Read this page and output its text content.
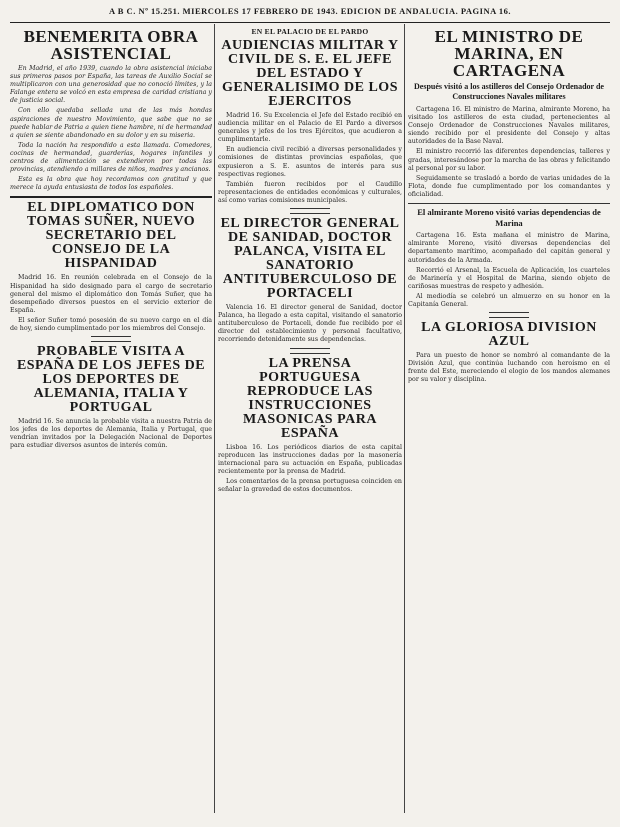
A B C. Nº 15.251. MIERCOLES 17 FEBRERO DE 1943. EDICION DE ANDALUCIA. PAGINA 16.
BENEMERITA OBRA ASISTENCIAL

En Madrid, el año 1939, cuando la obra asistencial iniciaba sus primeros pasos por España, las tareas de Auxilio Social se multiplicaron con una generosidad que no conoció límites, y la Falange entera se volcó en esta empresa de caridad cristiana y de justicia social.

Con ello quedaba sellada una de las más hondas aspiraciones de nuestro Movimiento, que sabe que no se puede hablar de Patria a quien tiene hambre, ni de hermandad a quien se siente abandonado en su dolor y en su miseria.

Toda la nación ha respondido a esta llamada. Comedores, cocinas de hermandad, guarderías, hogares infantiles y centros de alimentación se extendieron por todas las provincias, atendiendo a millares de niños, madres y ancianos.

Esta es la obra que hoy recordamos con gratitud y que merece la ayuda entusiasta de todos los españoles.

EL DIPLOMATICO DON TOMAS SUÑER, NUEVO SECRETARIO DEL CONSEJO DE LA HISPANIDAD

Madrid 16. En reunión celebrada en el Consejo de la Hispanidad ha sido designado para el cargo de secretario general del mismo el diplomático don Tomás Suñer, que ha desempeñado diversos puestos en el servicio exterior de España.

El señor Suñer tomó posesión de su nuevo cargo en el día de hoy, siendo cumplimentado por los miembros del Consejo.

PROBABLE VISITA A ESPAÑA DE LOS JEFES DE LOS DEPORTES DE ALEMANIA, ITALIA Y PORTUGAL

Madrid 16. Se anuncia la probable visita a nuestra Patria de los jefes de los deportes de Alemania, Italia y Portugal, que vendrían invitados por la Delegación Nacional de Deportes para estudiar diversos asuntos de interés común.

EN EL PALACIO DE EL PARDO
AUDIENCIAS MILITAR Y CIVIL DE S. E. EL JEFE DEL ESTADO Y GENERALISIMO DE LOS EJERCITOS

Madrid 16. Su Excelencia el Jefe del Estado recibió en audiencia militar en el Palacio de El Pardo a diversos generales y jefes de los tres Ejércitos, que acudieron a cumplimentarle.

En audiencia civil recibió a diversas personalidades y comisiones de distintas provincias españolas, que expusieron a S. E. asuntos de interés para sus respectivas regiones.

También fueron recibidos por el Caudillo representaciones de entidades económicas y culturales, así como varias comisiones municipales.

EL DIRECTOR GENERAL DE SANIDAD, DOCTOR PALANCA, VISITA EL SANATORIO ANTITUBERCULOSO DE PORTACELI

Valencia 16. El director general de Sanidad, doctor Palanca, ha llegado a esta capital, visitando el sanatorio antituberculoso de Portaceli, donde fue recibido por el director del establecimiento y personal facultativo, recorriendo detenidamente sus dependencias.

LA PRENSA PORTUGUESA REPRODUCE LAS INSTRUCCIONES MASONICAS PARA ESPAÑA

Lisboa 16. Los periódicos diarios de esta capital reproducen las instrucciones dadas por la masonería internacional para su actuación en España, publicadas recientemente por la prensa de Madrid.

Los comentarios de la prensa portuguesa coinciden en señalar la gravedad de estos documentos.

EL MINISTRO DE MARINA, EN CARTAGENA
Después visitó a los astilleros del Consejo Ordenador de Construcciones Navales militares

Cartagena 16. El ministro de Marina, almirante Moreno, ha visitado los astilleros de esta ciudad, pertenecientes al Consejo Ordenador de Construcciones Navales militares, siendo recibido por el presidente del Consejo y altas autoridades de la Base Naval.

El ministro recorrió las diferentes dependencias, talleres y gradas, interesándose por la marcha de las obras y felicitando al personal por su labor.

Seguidamente se trasladó a bordo de varias unidades de la Flota, donde fue cumplimentado por los comandantes y oficialidad.

El almirante Moreno visitó varias dependencias de Marina

Cartagena 16. Esta mañana el ministro de Marina, almirante Moreno, visitó diversas dependencias del departamento marítimo, acompañado del capitán general y autoridades de la Armada.

Recorrió el Arsenal, la Escuela de Aplicación, los cuarteles de Marinería y el Hospital de Marina, siendo objeto de cariñosas muestras de respeto y adhesión.

Al mediodía se celebró un almuerzo en su honor en la Capitanía General.

LA GLORIOSA DIVISION AZUL

Para un puesto de honor se nombró al comandante de la División Azul, que continúa luchando con heroísmo en el frente del Este, mereciendo el elogio de los mandos alemanes por su valor y disciplina.
